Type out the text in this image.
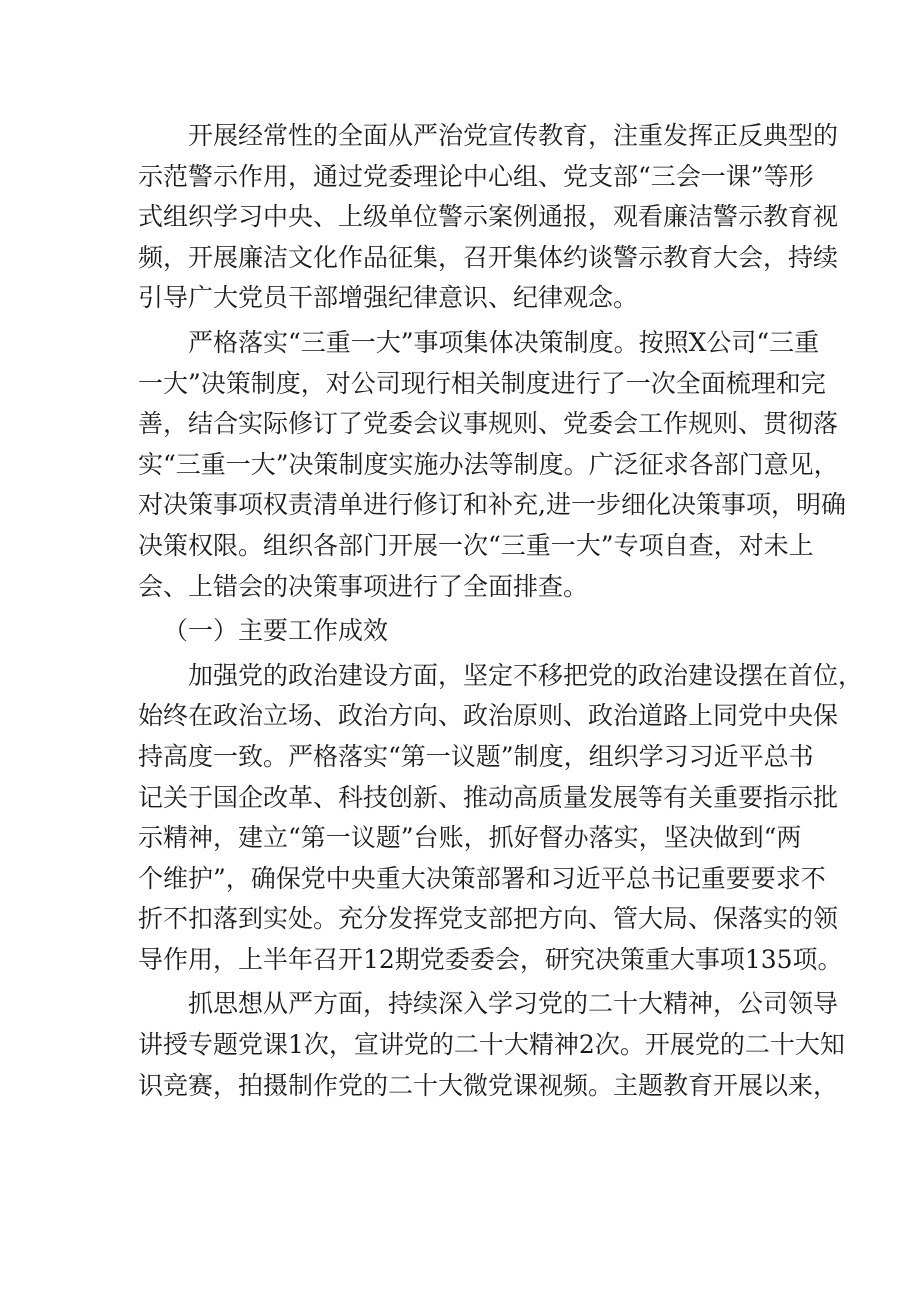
开展经常性的全面从严治党宣传教育，注重发挥正反典型的
示范警示作用，通过党委理论中心组、党支部“三会一课”等形
式组织学习中央、上级单位警示案例通报，观看廉洁警示教育视
频，开展廉洁文化作品征集，召开集体约谈警示教育大会，持续
引导广大党员干部增强纪律意识、纪律观念。
严格落实“三重一大”事项集体决策制度。按照X公司“三重
一大”决策制度，对公司现行相关制度进行了一次全面梳理和完
善，结合实际修订了党委会议事规则、党委会工作规则、贯彻落
实“三重一大”决策制度实施办法等制度。广泛征求各部门意见，
对决策事项权责清单进行修订和补充,进一步细化决策事项，明确
决策权限。组织各部门开展一次“三重一大”专项自查，对未上
会、上错会的决策事项进行了全面排查。
（一）主要工作成效
加强党的政治建设方面，坚定不移把党的政治建设摆在首位，
始终在政治立场、政治方向、政治原则、政治道路上同党中央保
持高度一致。严格落实“第一议题”制度，组织学习习近平总书
记关于国企改革、科技创新、推动高质量发展等有关重要指示批
示精神，建立“第一议题”台账，抓好督办落实，坚决做到“两
个维护”，确保党中央重大决策部署和习近平总书记重要要求不
折不扣落到实处。充分发挥党支部把方向、管大局、保落实的领
导作用，上半年召开12期党委委会，研究决策重大事项135项。
抓思想从严方面，持续深入学习党的二十大精神，公司领导
讲授专题党课1次，宣讲党的二十大精神2次。开展党的二十大知
识竞赛，拍摄制作党的二十大微党课视频。主题教育开展以来，
